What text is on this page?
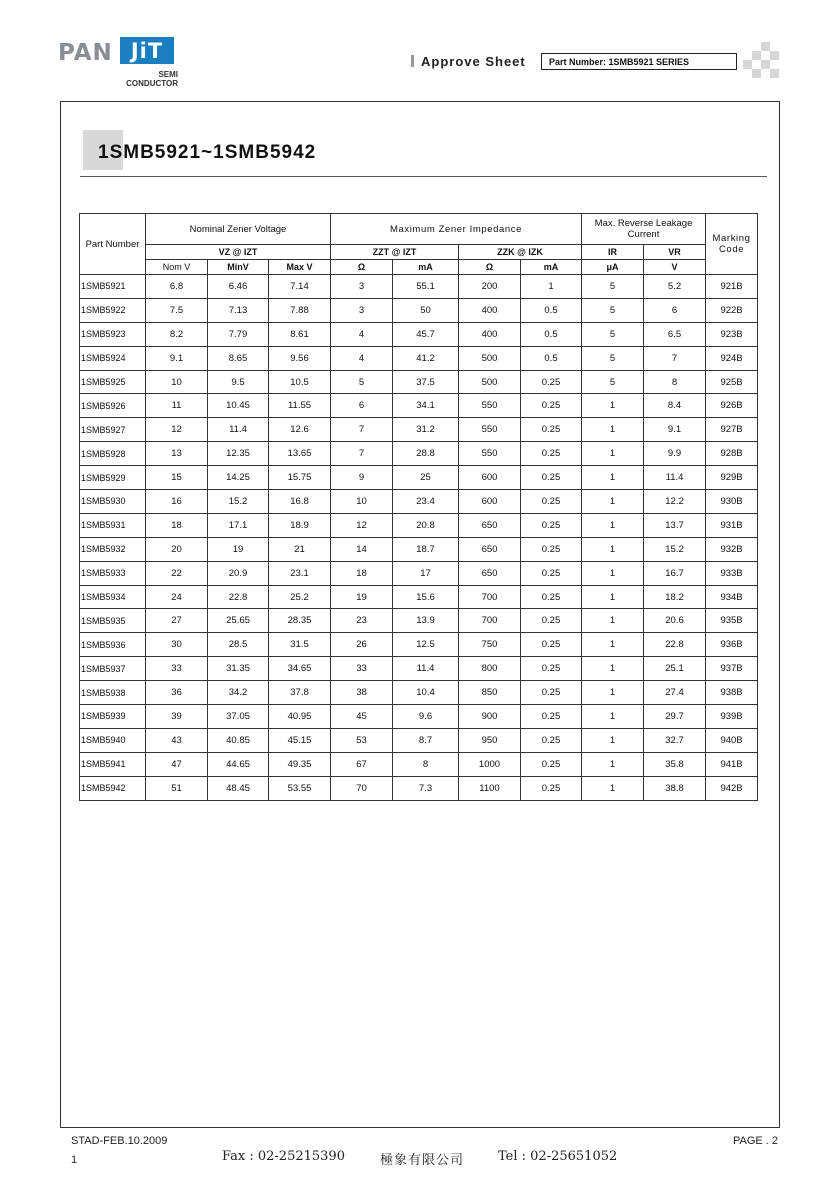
PAN JiT
SEMI
CONDUCTOR
Approve Sheet	Part Number: 1SMB5921 SERIES
1SMB5921~1SMB5942
Part Number	Nominal Zener Voltage			Maximum Zener Impedance				Max. Reverse Leakage Current		Marking Code
	VZ @ IZT			ZZT @ IZT		ZZK @ IZK		IR	VR	
	Nom V	MinV	Max V	Ω	mA	Ω	mA	μA	V	
1SMB5921	6.8	6.46	7.14	3	55.1	200	1	5	5.2	921B
1SMB5922	7.5	7.13	7.88	3	50	400	0.5	5	6	922B
1SMB5923	8.2	7.79	8.61	4	45.7	400	0.5	5	6.5	923B
1SMB5924	9.1	8.65	9.56	4	41.2	500	0.5	5	7	924B
1SMB5925	10	9.5	10.5	5	37.5	500	0.25	5	8	925B
1SMB5926	11	10.45	11.55	6	34.1	550	0.25	1	8.4	926B
1SMB5927	12	11.4	12.6	7	31.2	550	0.25	1	9.1	927B
1SMB5928	13	12.35	13.65	7	28.8	550	0.25	1	9.9	928B
1SMB5929	15	14.25	15.75	9	25	600	0.25	1	11.4	929B
1SMB5930	16	15.2	16.8	10	23.4	600	0.25	1	12.2	930B
1SMB5931	18	17.1	18.9	12	20.8	650	0.25	1	13.7	931B
1SMB5932	20	19	21	14	18.7	650	0.25	1	15.2	932B
1SMB5933	22	20.9	23.1	18	17	650	0.25	1	16.7	933B
1SMB5934	24	22.8	25.2	19	15.6	700	0.25	1	18.2	934B
1SMB5935	27	25.65	28.35	23	13.9	700	0.25	1	20.6	935B
1SMB5936	30	28.5	31.5	26	12.5	750	0.25	1	22.8	936B
1SMB5937	33	31.35	34.65	33	11.4	800	0.25	1	25.1	937B
1SMB5938	36	34.2	37.8	38	10.4	850	0.25	1	27.4	938B
1SMB5939	39	37.05	40.95	45	9.6	900	0.25	1	29.7	939B
1SMB5940	43	40.85	45.15	53	8.7	950	0.25	1	32.7	940B
1SMB5941	47	44.65	49.35	67	8	1000	0.25	1	35.8	941B
1SMB5942	51	48.45	53.55	70	7.3	1100	0.25	1	38.8	942B
STAD-FEB.10.2009
1
PAGE . 2
Fax : 02-25215390	極象有限公司	Tel : 02-25651052
